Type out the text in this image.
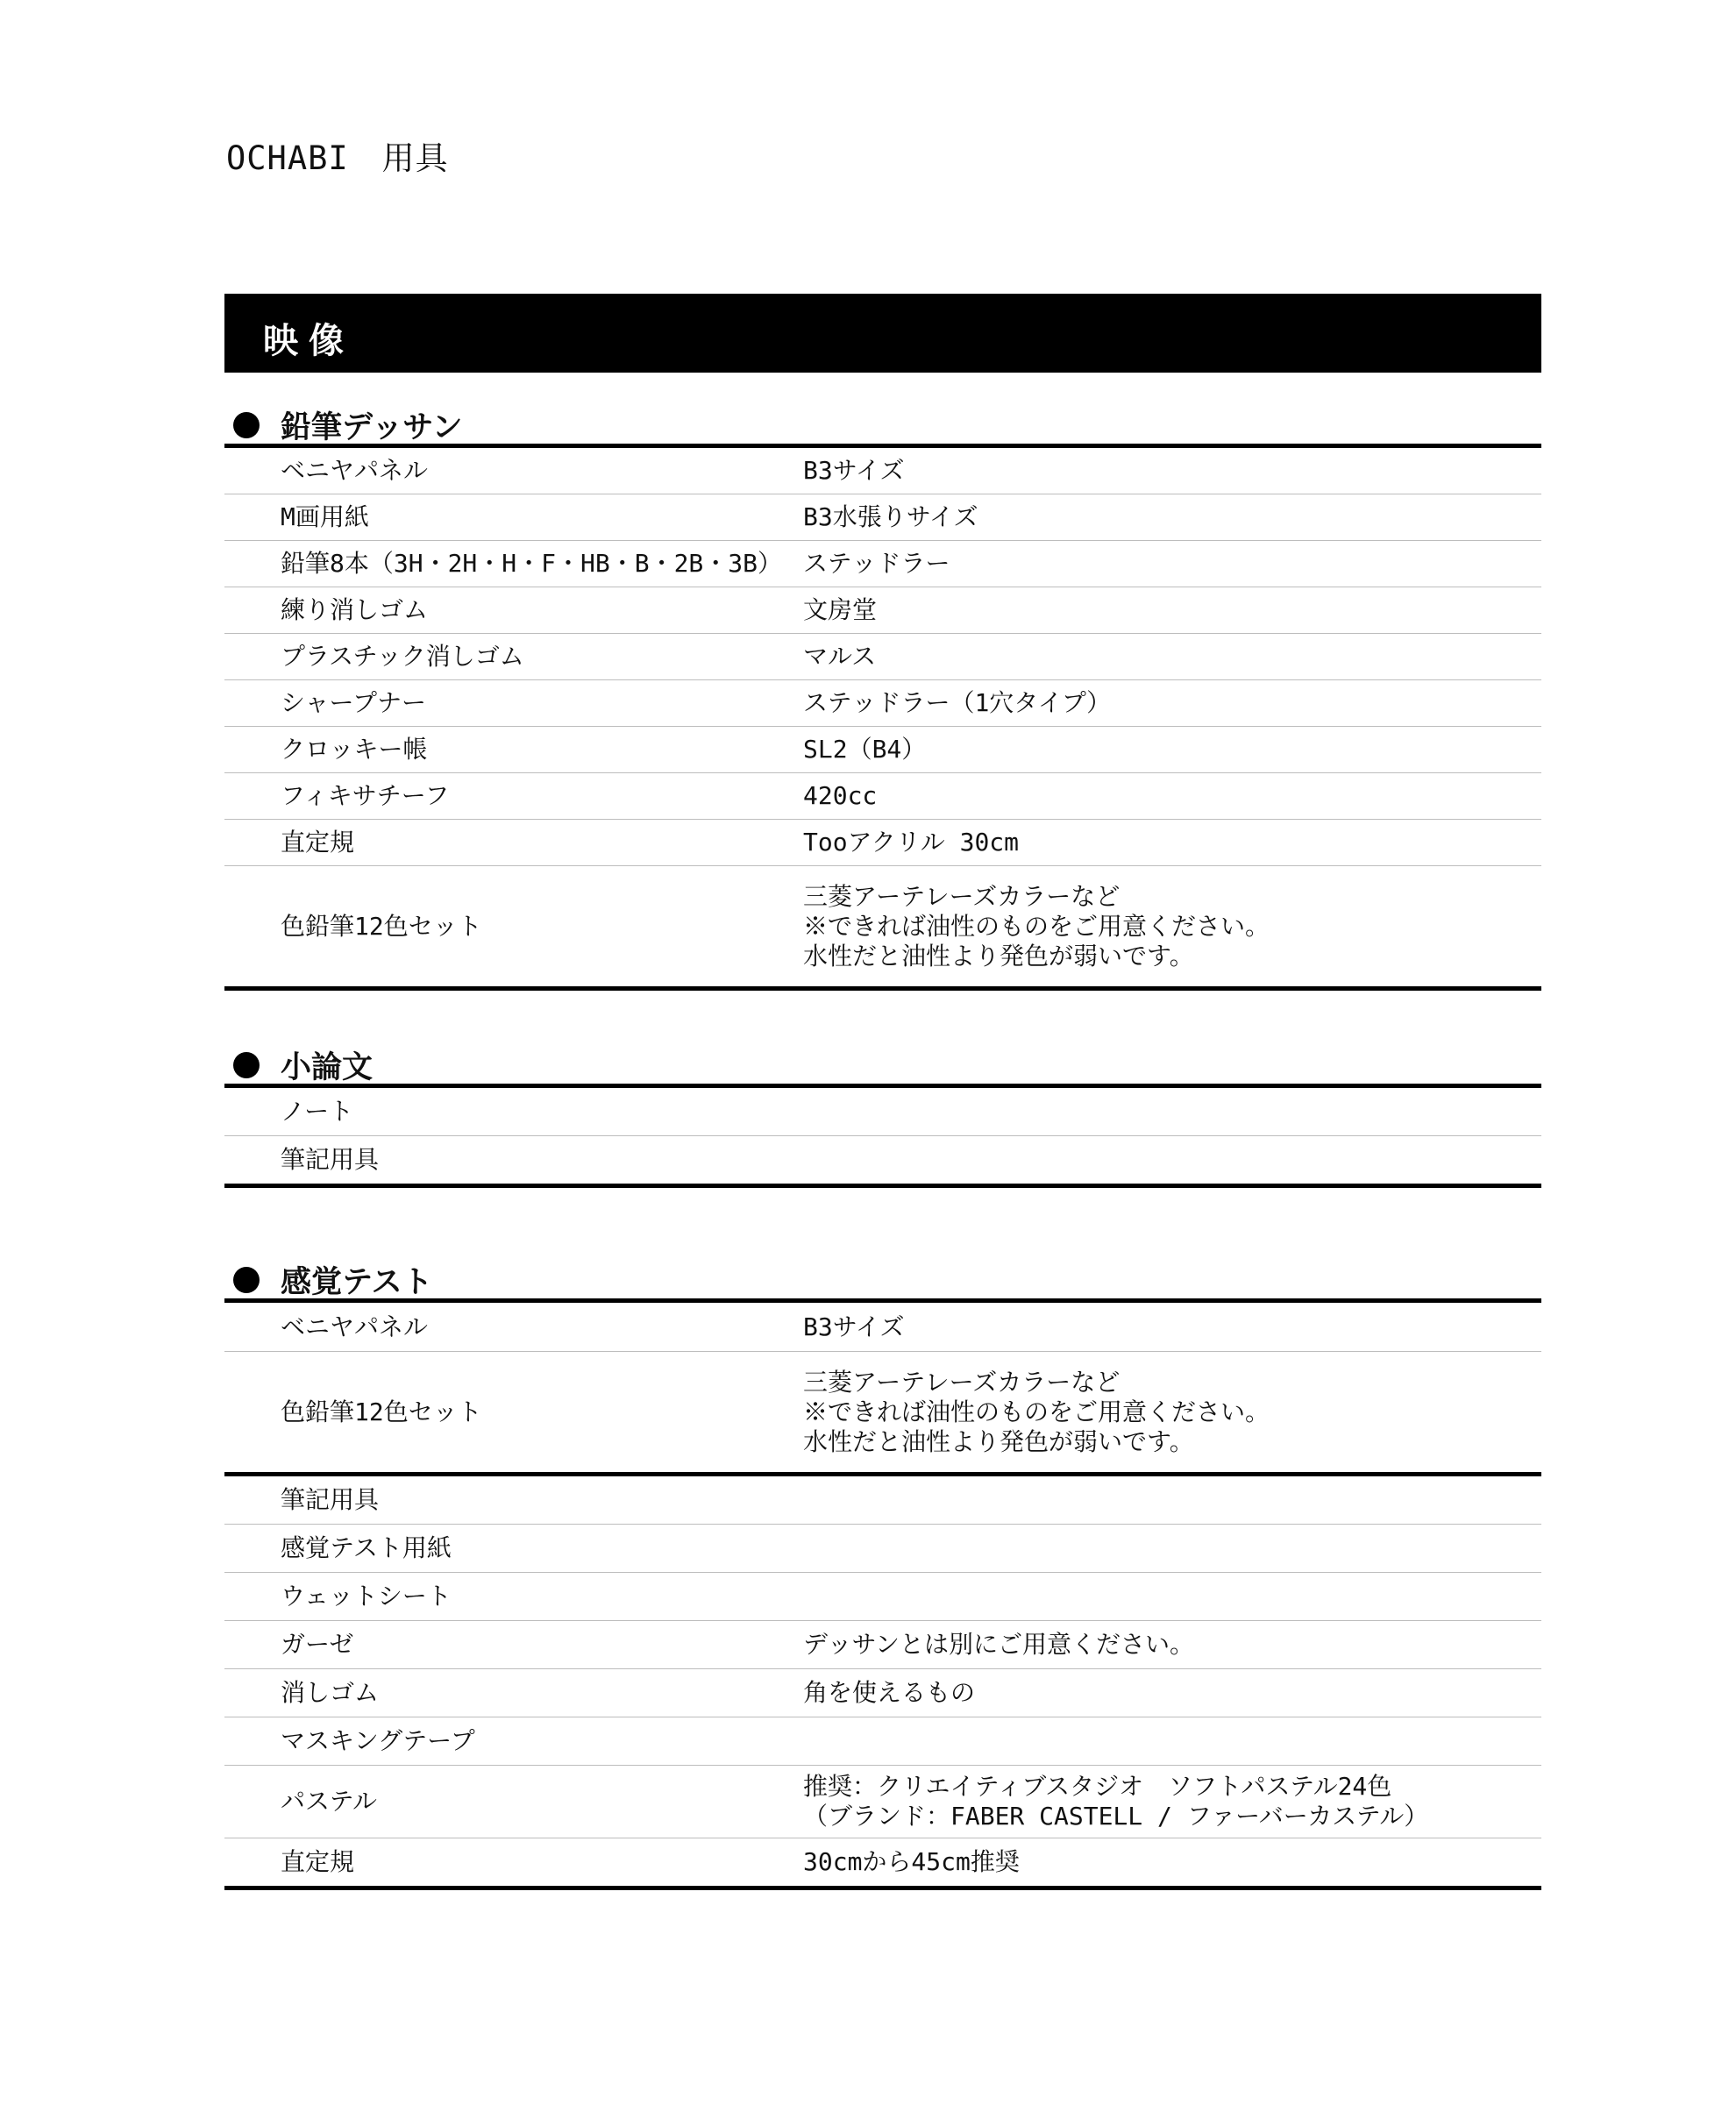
OCHABI　用具
映像
鉛筆デッサン
ベニヤパネル	B3サイズ
M画用紙	B3水張りサイズ
鉛筆8本（3H・2H・H・F・HB・B・2B・3B）	ステッドラー
練り消しゴム	文房堂
プラスチック消しゴム	マルス
シャープナー	ステッドラー（1穴タイプ）
クロッキー帳	SL2（B4）
フィキサチーフ	420cc
直定規	Tooアクリル 30cm
色鉛筆12色セット	三菱アーテレーズカラーなど
※できれば油性のものをご用意ください。
水性だと油性より発色が弱いです。
小論文
ノート	
筆記用具	
感覚テスト
ベニヤパネル	B3サイズ
色鉛筆12色セット	三菱アーテレーズカラーなど
※できれば油性のものをご用意ください。
水性だと油性より発色が弱いです。
筆記用具	
感覚テスト用紙	
ウェットシート	
ガーゼ	デッサンとは別にご用意ください。
消しゴム	角を使えるもの
マスキングテープ	
パステル	推奨：クリエイティブスタジオ　ソフトパステル24色
（ブランド：FABER CASTELL / ファーバーカステル）
直定規	30cmから45cm推奨
